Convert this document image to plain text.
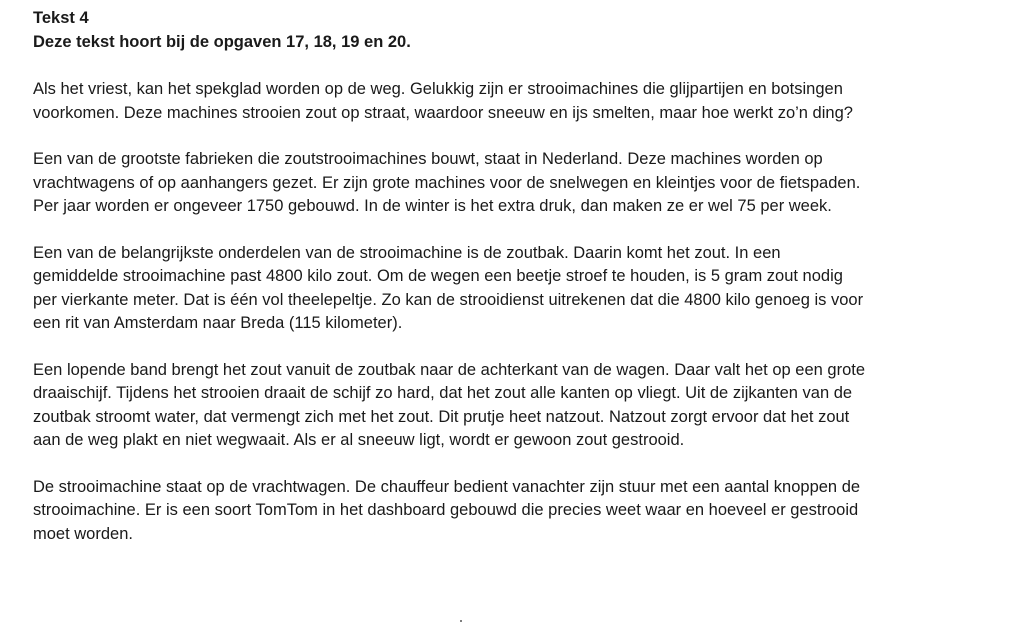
Tekst 4
Deze tekst hoort bij de opgaven 17, 18, 19 en 20.

Als het vriest, kan het spekglad worden op de weg. Gelukkig zijn er strooimachines die glijpartijen en botsingen
voorkomen. Deze machines strooien zout op straat, waardoor sneeuw en ijs smelten, maar hoe werkt zo’n ding?

Een van de grootste fabrieken die zoutstrooimachines bouwt, staat in Nederland. Deze machines worden op
vrachtwagens of op aanhangers gezet. Er zijn grote machines voor de snelwegen en kleintjes voor de fietspaden.
Per jaar worden er ongeveer 1750 gebouwd. In de winter is het extra druk, dan maken ze er wel 75 per week.

Een van de belangrijkste onderdelen van de strooimachine is de zoutbak. Daarin komt het zout. In een
gemiddelde strooimachine past 4800 kilo zout. Om de wegen een beetje stroef te houden, is 5 gram zout nodig
per vierkante meter. Dat is één vol theelepeltje. Zo kan de strooidienst uitrekenen dat die 4800 kilo genoeg is voor
een rit van Amsterdam naar Breda (115 kilometer).

Een lopende band brengt het zout vanuit de zoutbak naar de achterkant van de wagen. Daar valt het op een grote
draaischijf. Tijdens het strooien draait de schijf zo hard, dat het zout alle kanten op vliegt. Uit de zijkanten van de
zoutbak stroomt water, dat vermengt zich met het zout. Dit prutje heet natzout. Natzout zorgt ervoor dat het zout
aan de weg plakt en niet wegwaait. Als er al sneeuw ligt, wordt er gewoon zout gestrooid.

De strooimachine staat op de vrachtwagen. De chauffeur bedient vanachter zijn stuur met een aantal knoppen de
strooimachine. Er is een soort TomTom in het dashboard gebouwd die precies weet waar en hoeveel er gestrooid
moet worden.
